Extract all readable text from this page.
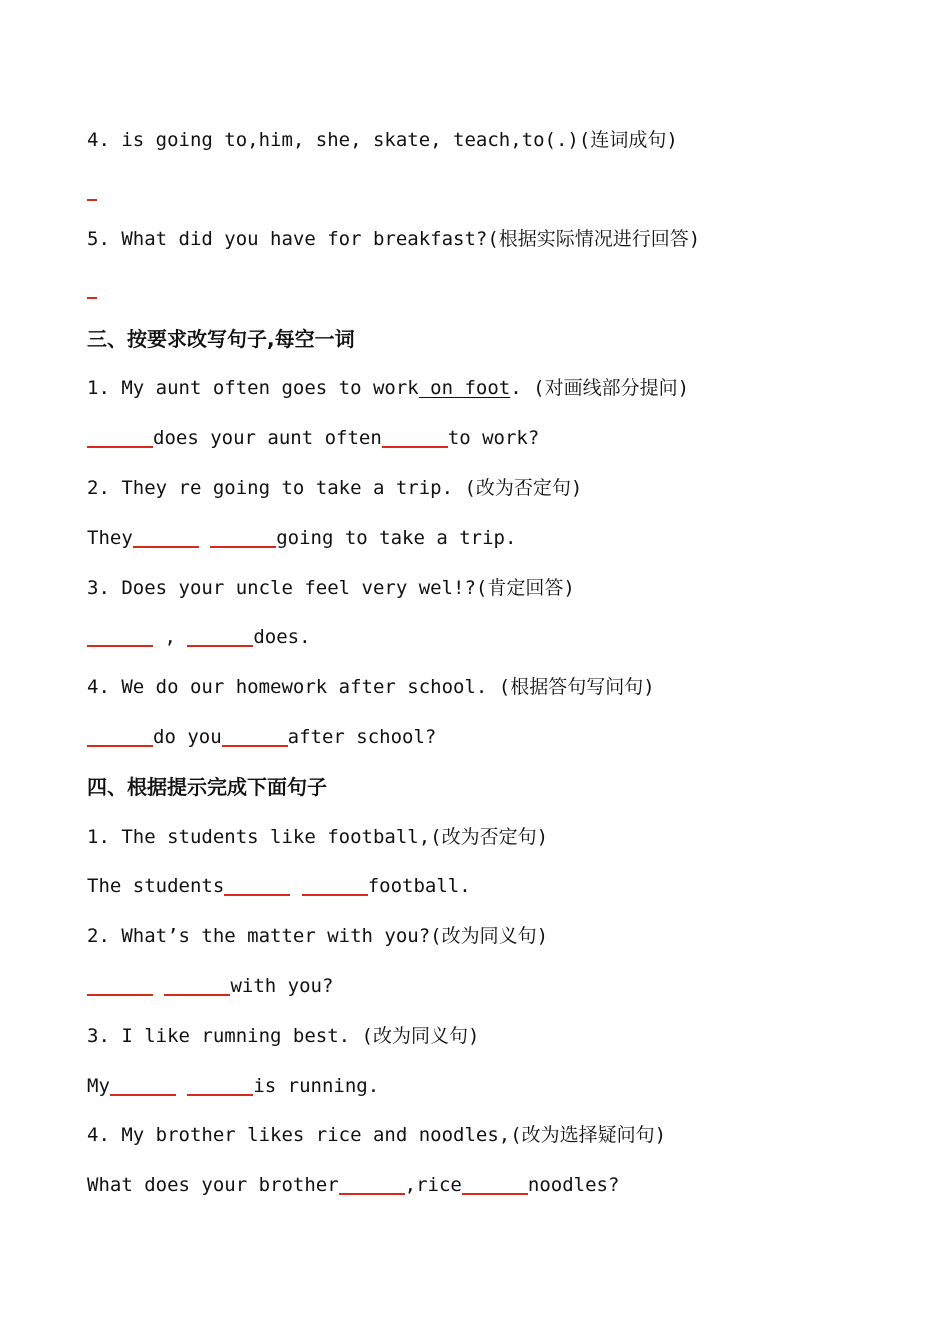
4. is going to,him, she, skate, teach,to(.)(连词成句)
5. What did you have for breakfast?(根据实际情况进行回答)
三、按要求改写句子,每空一词
1. My aunt often goes to work on foot. (对画线部分提问)
does your aunt often	to work?
2. They re going to take a trip. (改为否定句)
They	going to take a trip.
3. Does your uncle feel very wel!?(肯定回答)
,	does.
4. We do our homework after school. (根据答句写问句)
do you	after school?
四、根据提示完成下面句子
1. The students like football,(改为否定句)
The students	football.
2. What’s the matter with you?(改为同义句)
with you?
3. I like rumning best. (改为同义句)
My	is running.
4. My brother likes rice and noodles,(改为选择疑问句)
What does your brother	,rice	noodles?
